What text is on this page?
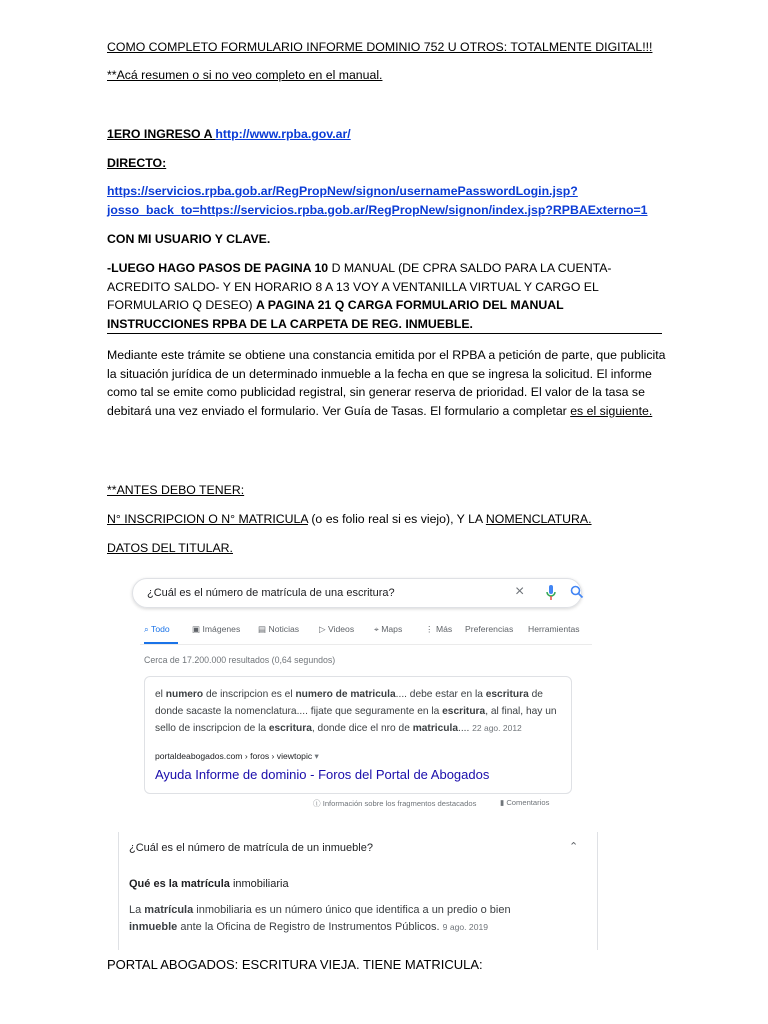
COMO COMPLETO FORMULARIO INFORME DOMINIO 752 U OTROS: TOTALMENTE DIGITAL!!!

**Acá resumen o si no veo completo en el manual.

1ERO INGRESO A http://www.rpba.gov.ar/

DIRECTO:

https://servicios.rpba.gob.ar/RegPropNew/signon/usernamePasswordLogin.jsp?
josso_back_to=https://servicios.rpba.gob.ar/RegPropNew/signon/index.jsp?RPBAExterno=1

CON MI USUARIO Y CLAVE.

-LUEGO HAGO PASOS DE PAGINA 10 D MANUAL (DE CPRA SALDO PARA LA CUENTA- ACREDITO SALDO- Y EN HORARIO 8 A 13 VOY A VENTANILLA VIRTUAL Y CARGO EL FORMULARIO Q DESEO) A PAGINA 21 Q CARGA FORMULARIO DEL MANUAL INSTRUCCIONES RPBA DE LA CARPETA DE REG. INMUEBLE.

Mediante este trámite se obtiene una constancia emitida por el RPBA a petición de parte, que publicita la situación jurídica de un determinado inmueble a la fecha en que se ingresa la solicitud. El informe como tal se emite como publicidad registral, sin generar reserva de prioridad. El valor de la tasa se debitará una vez enviado el formulario. Ver Guía de Tasas. El formulario a completar es el siguiente.

**ANTES DEBO TENER:

N° INSCRIPCION O N° MATRICULA (o es folio real si es viejo), Y LA NOMENCLATURA.

DATOS DEL TITULAR.

¿Cuál es el número de matrícula de una escritura?	×
⌕ Todo	▣ Imágenes ▤ Noticias ▷ Videos ⌖ Maps	⋮ Más Preferencias Herramientas
Cerca de 17.200.000 resultados (0,64 segundos)
el numero de inscripcion es el numero de matricula.... debe estar en la escritura de donde sacaste la nomenclatura.... fijate que seguramente en la escritura, al final, hay un sello de inscripcion de la escritura, donde dice el nro de matricula.... 22 ago. 2012
portaldeabogados.com › foros › viewtopic ▾
Ayuda Informe de dominio - Foros del Portal de Abogados
ⓘ Información sobre los fragmentos destacados	▮ Comentarios
¿Cuál es el número de matrícula de un inmueble?	⌃
Qué es la matrícula inmobiliaria
La matrícula inmobiliaria es un número único que identifica a un predio o bien inmueble ante la Oficina de Registro de Instrumentos Públicos. 9 ago. 2019
PORTAL ABOGADOS: ESCRITURA VIEJA. TIENE MATRICULA:
